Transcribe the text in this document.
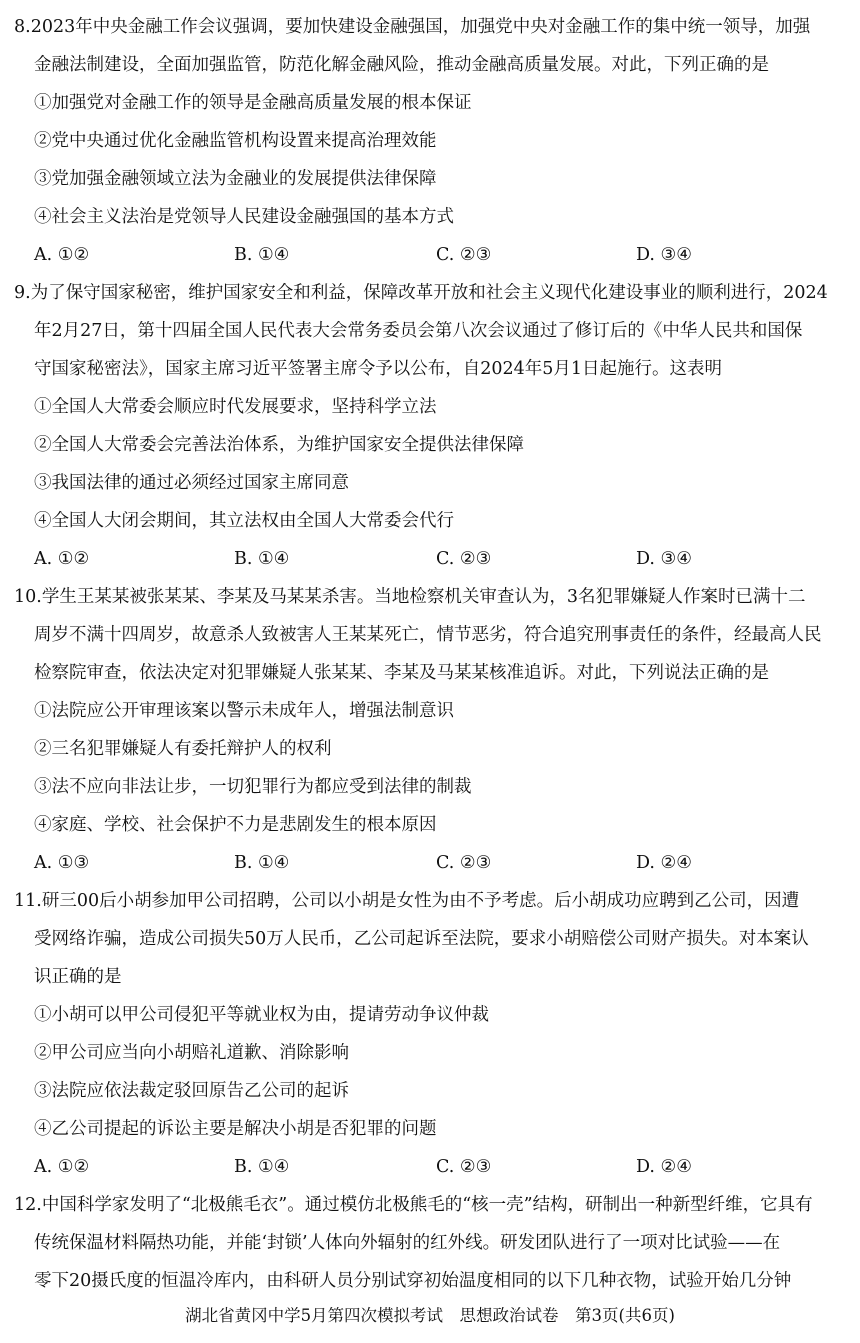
8.2023年中央金融工作会议强调，要加快建设金融强国，加强党中央对金融工作的集中统一领导，加强
金融法制建设，全面加强监管，防范化解金融风险，推动金融高质量发展。对此，下列正确的是
①加强党对金融工作的领导是金融高质量发展的根本保证
②党中央通过优化金融监管机构设置来提高治理效能
③党加强金融领域立法为金融业的发展提供法律保障
④社会主义法治是党领导人民建设金融强国的基本方式
A. ①②	B. ①④	C. ②③	D. ③④
9.为了保守国家秘密，维护国家安全和利益，保障改革开放和社会主义现代化建设事业的顺利进行，2024
年2月27日，第十四届全国人民代表大会常务委员会第八次会议通过了修订后的《中华人民共和国保
守国家秘密法》，国家主席习近平签署主席令予以公布，自2024年5月1日起施行。这表明
①全国人大常委会顺应时代发展要求，坚持科学立法
②全国人大常委会完善法治体系，为维护国家安全提供法律保障
③我国法律的通过必须经过国家主席同意
④全国人大闭会期间，其立法权由全国人大常委会代行
A. ①②	B. ①④	C. ②③	D. ③④
10.学生王某某被张某某、李某及马某某杀害。当地检察机关审查认为，3名犯罪嫌疑人作案时已满十二
周岁不满十四周岁，故意杀人致被害人王某某死亡，情节恶劣，符合追究刑事责任的条件，经最高人民
检察院审查，依法决定对犯罪嫌疑人张某某、李某及马某某核准追诉。对此，下列说法正确的是
①法院应公开审理该案以警示未成年人，增强法制意识
②三名犯罪嫌疑人有委托辩护人的权利
③法不应向非法让步，一切犯罪行为都应受到法律的制裁
④家庭、学校、社会保护不力是悲剧发生的根本原因
A. ①③	B. ①④	C. ②③	D. ②④
11.研三00后小胡参加甲公司招聘，公司以小胡是女性为由不予考虑。后小胡成功应聘到乙公司，因遭
受网络诈骗，造成公司损失50万人民币，乙公司起诉至法院，要求小胡赔偿公司财产损失。对本案认
识正确的是
①小胡可以甲公司侵犯平等就业权为由，提请劳动争议仲裁
②甲公司应当向小胡赔礼道歉、消除影响
③法院应依法裁定驳回原告乙公司的起诉
④乙公司提起的诉讼主要是解决小胡是否犯罪的问题
A. ①②	B. ①④	C. ②③	D. ②④
12.中国科学家发明了“北极熊毛衣”。通过模仿北极熊毛的“核一壳”结构，研制出一种新型纤维，它具有
传统保温材料隔热功能，并能‘封锁’人体向外辐射的红外线。研发团队进行了一项对比试验——在
零下20摄氏度的恒温冷库内，由科研人员分别试穿初始温度相同的以下几种衣物，试验开始几分钟
湖北省黄冈中学5月第四次模拟考试　思想政治试卷　第3页(共6页)
